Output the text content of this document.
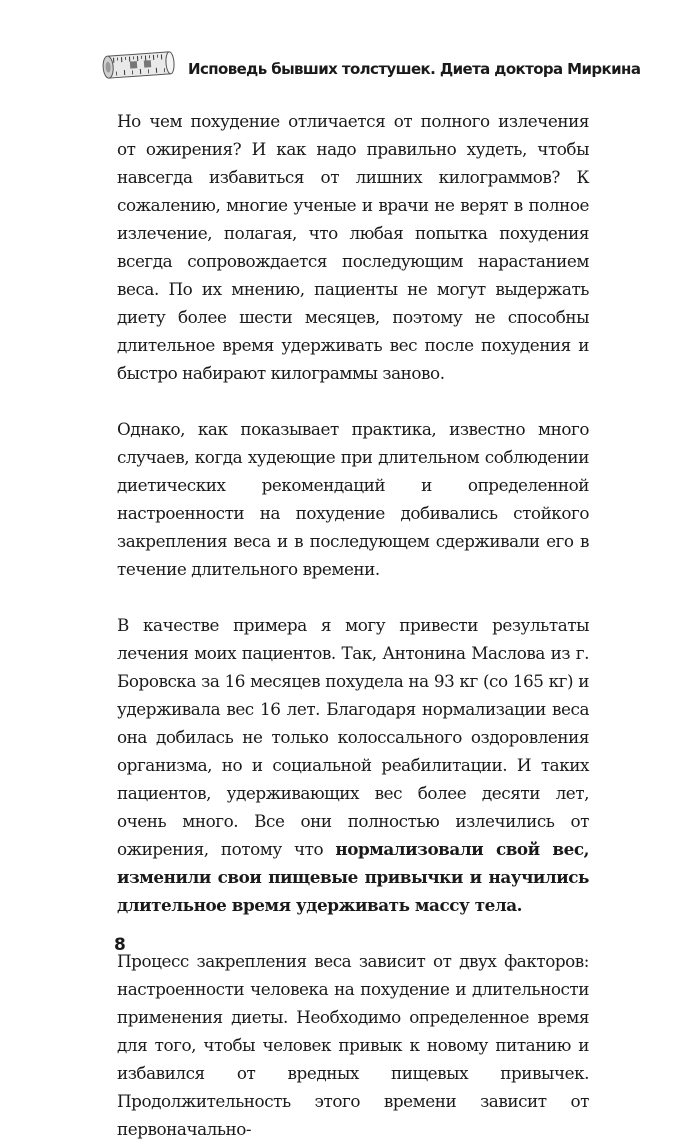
Исповедь бывших толстушек. Диета доктора Миркина

Но чем похудение отличается от полного излечения от ожирения? И как надо правильно худеть, чтобы навсегда избавиться от лишних килограммов? К сожалению, многие ученые и врачи не верят в полное излечение, полагая, что любая попытка похудения всегда сопровождается последующим нарастанием веса. По их мнению, пациенты не могут выдержать диету более шести месяцев, поэтому не способны длительное время удерживать вес после похудения и быстро набирают килограммы заново.

Однако, как показывает практика, известно много случаев, когда худеющие при длительном соблюдении диетических рекомендаций и определенной настроенности на похудение добивались стойкого закрепления веса и в последующем сдерживали его в течение длительного времени.

В качестве примера я могу привести результаты лечения моих пациентов. Так, Антонина Маслова из г. Боровска за 16 месяцев похудела на 93 кг (со 165 кг) и удерживала вес 16 лет. Благодаря нормализации веса она добилась не только колоссального оздоровления организма, но и социальной реабилитации. И таких пациентов, удерживающих вес более десяти лет, очень много. Все они полностью излечились от ожирения, потому что нормализовали свой вес, изменили свои пищевые привычки и научились длительное время удерживать массу тела.

Процесс закрепления веса зависит от двух факторов: настроенности человека на похудение и длительности применения диеты. Необходимо определенное время для того, чтобы человек привык к новому питанию и избавился от вредных пищевых привычек. Продолжительность этого времени зависит от первоначально-

8
